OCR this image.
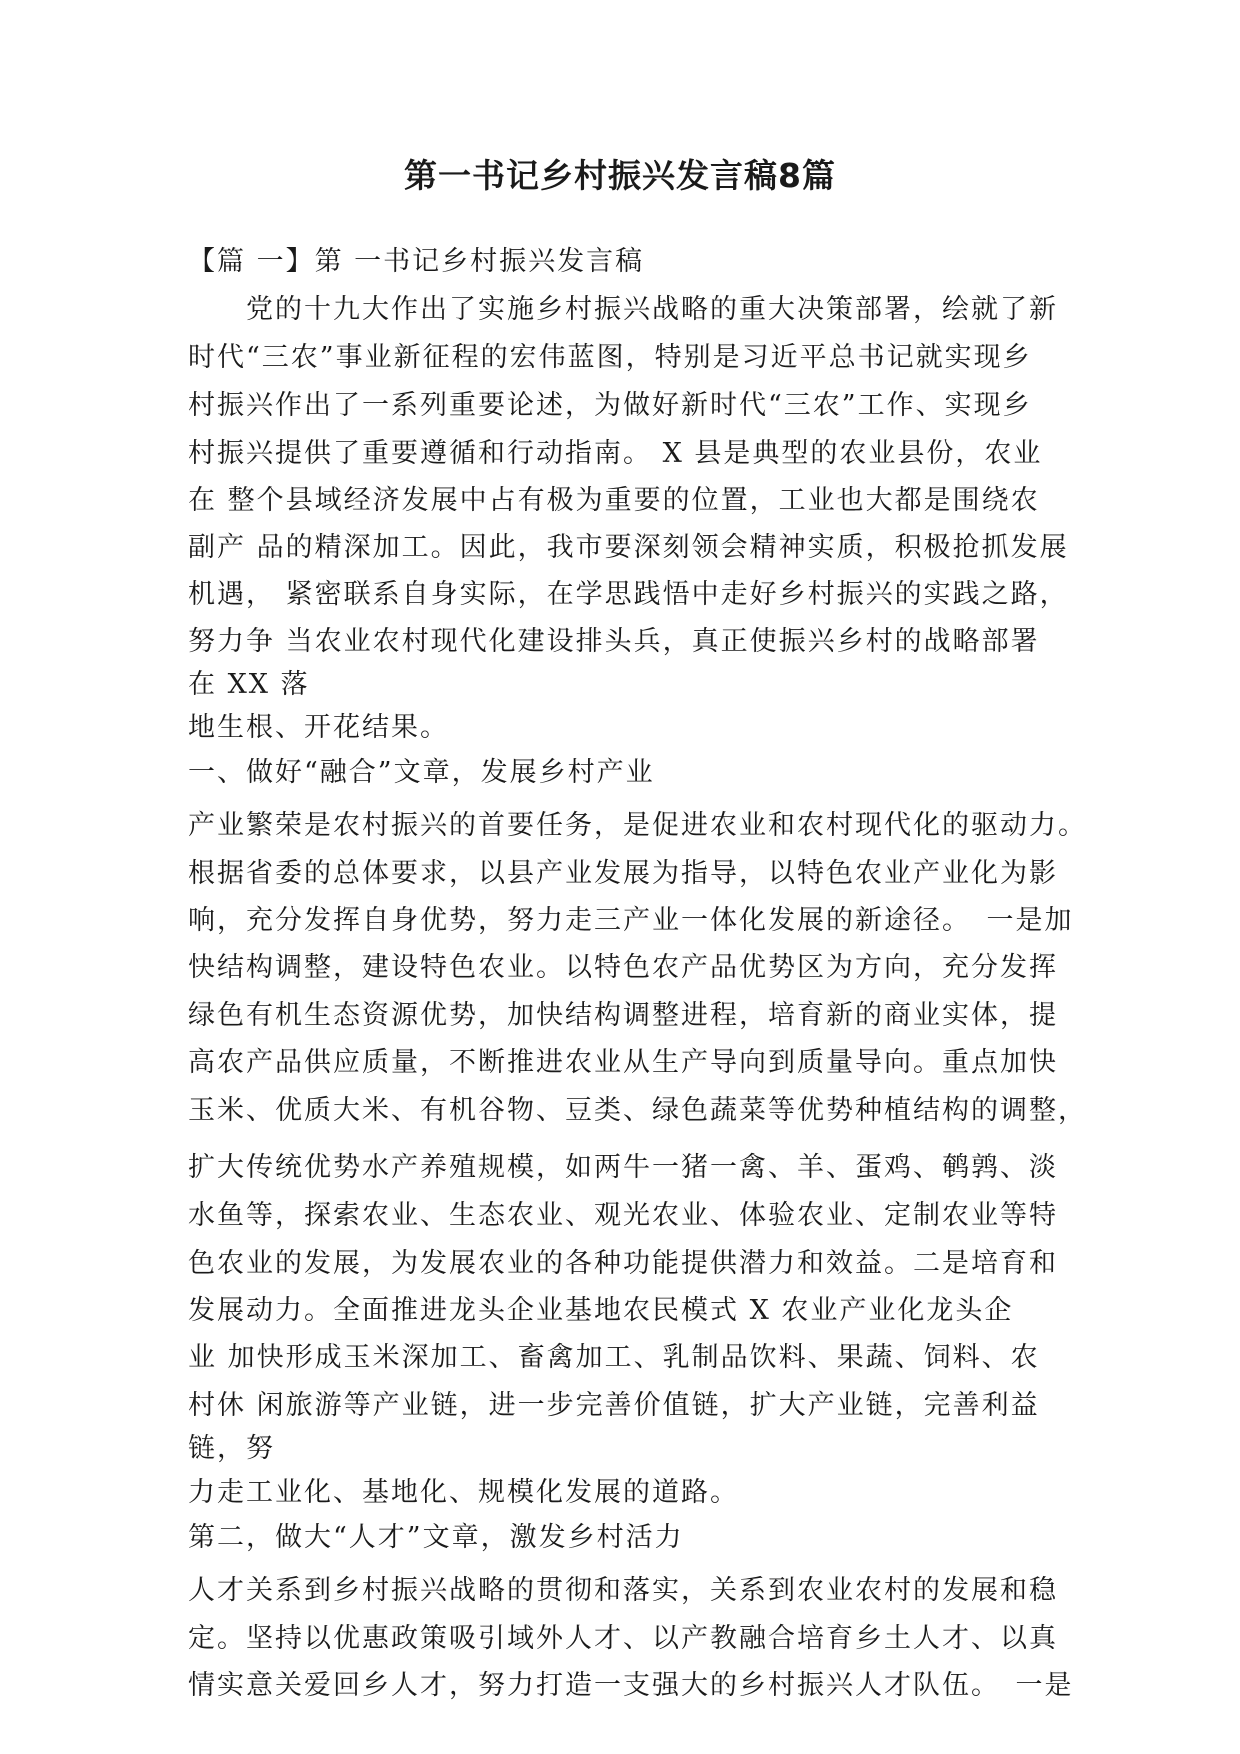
第一书记乡村振兴发言稿8篇
【篇 一】第 一书记乡村振兴发言稿
　　党的十九大作出了实施乡村振兴战略的重大决策部署，绘就了新
时代“三农”事业新征程的宏伟蓝图，特别是习近平总书记就实现乡
村振兴作出了一系列重要论述，为做好新时代“三农”工作、实现乡
村振兴提供了重要遵循和行动指南。 X 县是典型的农业县份，农业
在 整个县域经济发展中占有极为重要的位置，工业也大都是围绕农
副产 品的精深加工。因此，我市要深刻领会精神实质，积极抢抓发展
机遇， 紧密联系自身实际，在学思践悟中走好乡村振兴的实践之路，
努力争 当农业农村现代化建设排头兵，真正使振兴乡村的战略部署
在 XX 落
地生根、开花结果。
一、做好“融合”文章，发展乡村产业
产业繁荣是农村振兴的首要任务，是促进农业和农村现代化的驱动力。
根据省委的总体要求，以县产业发展为指导，以特色农业产业化为影
响，充分发挥自身优势，努力走三产业一体化发展的新途径。　一是加
快结构调整，建设特色农业。以特色农产品优势区为方向，充分发挥
绿色有机生态资源优势，加快结构调整进程，培育新的商业实体，提
高农产品供应质量，不断推进农业从生产导向到质量导向。重点加快
玉米、优质大米、有机谷物、豆类、绿色蔬菜等优势种植结构的调整，
扩大传统优势水产养殖规模，如两牛一猪一禽、羊、蛋鸡、鹌鹑、淡
水鱼等，探索农业、生态农业、观光农业、体验农业、定制农业等特
色农业的发展，为发展农业的各种功能提供潜力和效益。二是培育和
发展动力。全面推进龙头企业基地农民模式 X 农业产业化龙头企
业 加快形成玉米深加工、畜禽加工、乳制品饮料、果蔬、饲料、农
村休 闲旅游等产业链，进一步完善价值链，扩大产业链，完善利益
链，努
力走工业化、基地化、规模化发展的道路。
第二，做大“人才”文章，激发乡村活力
人才关系到乡村振兴战略的贯彻和落实，关系到农业农村的发展和稳
定。坚持以优惠政策吸引域外人才、以产教融合培育乡土人才、以真
情实意关爱回乡人才，努力打造一支强大的乡村振兴人才队伍。　一是
